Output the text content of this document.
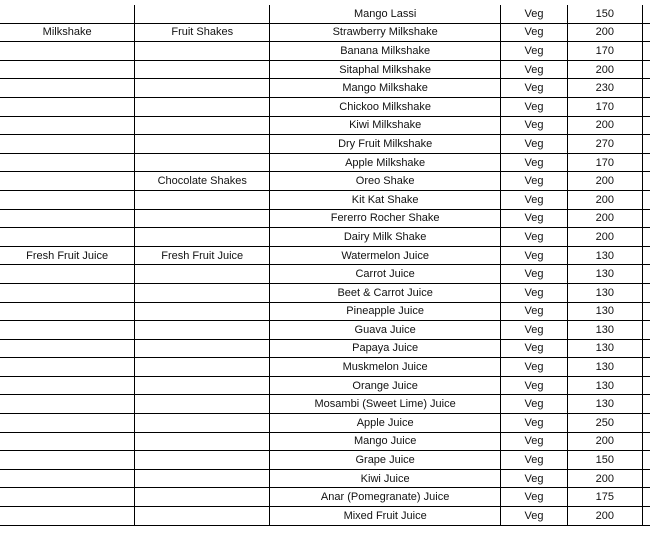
		Mango Lassi	Veg	150	
Milkshake	Fruit Shakes	Strawberry Milkshake	Veg	200	
		Banana Milkshake	Veg	170	
		Sitaphal Milkshake	Veg	200	
		Mango Milkshake	Veg	230	
		Chickoo Milkshake	Veg	170	
		Kiwi Milkshake	Veg	200	
		Dry Fruit Milkshake	Veg	270	
		Apple Milkshake	Veg	170	
	Chocolate Shakes	Oreo Shake	Veg	200	
		Kit Kat Shake	Veg	200	
		Fererro Rocher Shake	Veg	200	
		Dairy Milk Shake	Veg	200	
Fresh Fruit Juice	Fresh Fruit Juice	Watermelon Juice	Veg	130	
		Carrot Juice	Veg	130	
		Beet & Carrot Juice	Veg	130	
		Pineapple Juice	Veg	130	
		Guava Juice	Veg	130	
		Papaya Juice	Veg	130	
		Muskmelon Juice	Veg	130	
		Orange Juice	Veg	130	
		Mosambi (Sweet Lime) Juice	Veg	130	
		Apple Juice	Veg	250	
		Mango Juice	Veg	200	
		Grape Juice	Veg	150	
		Kiwi Juice	Veg	200	
		Anar (Pomegranate) Juice	Veg	175	
		Mixed Fruit Juice	Veg	200	
